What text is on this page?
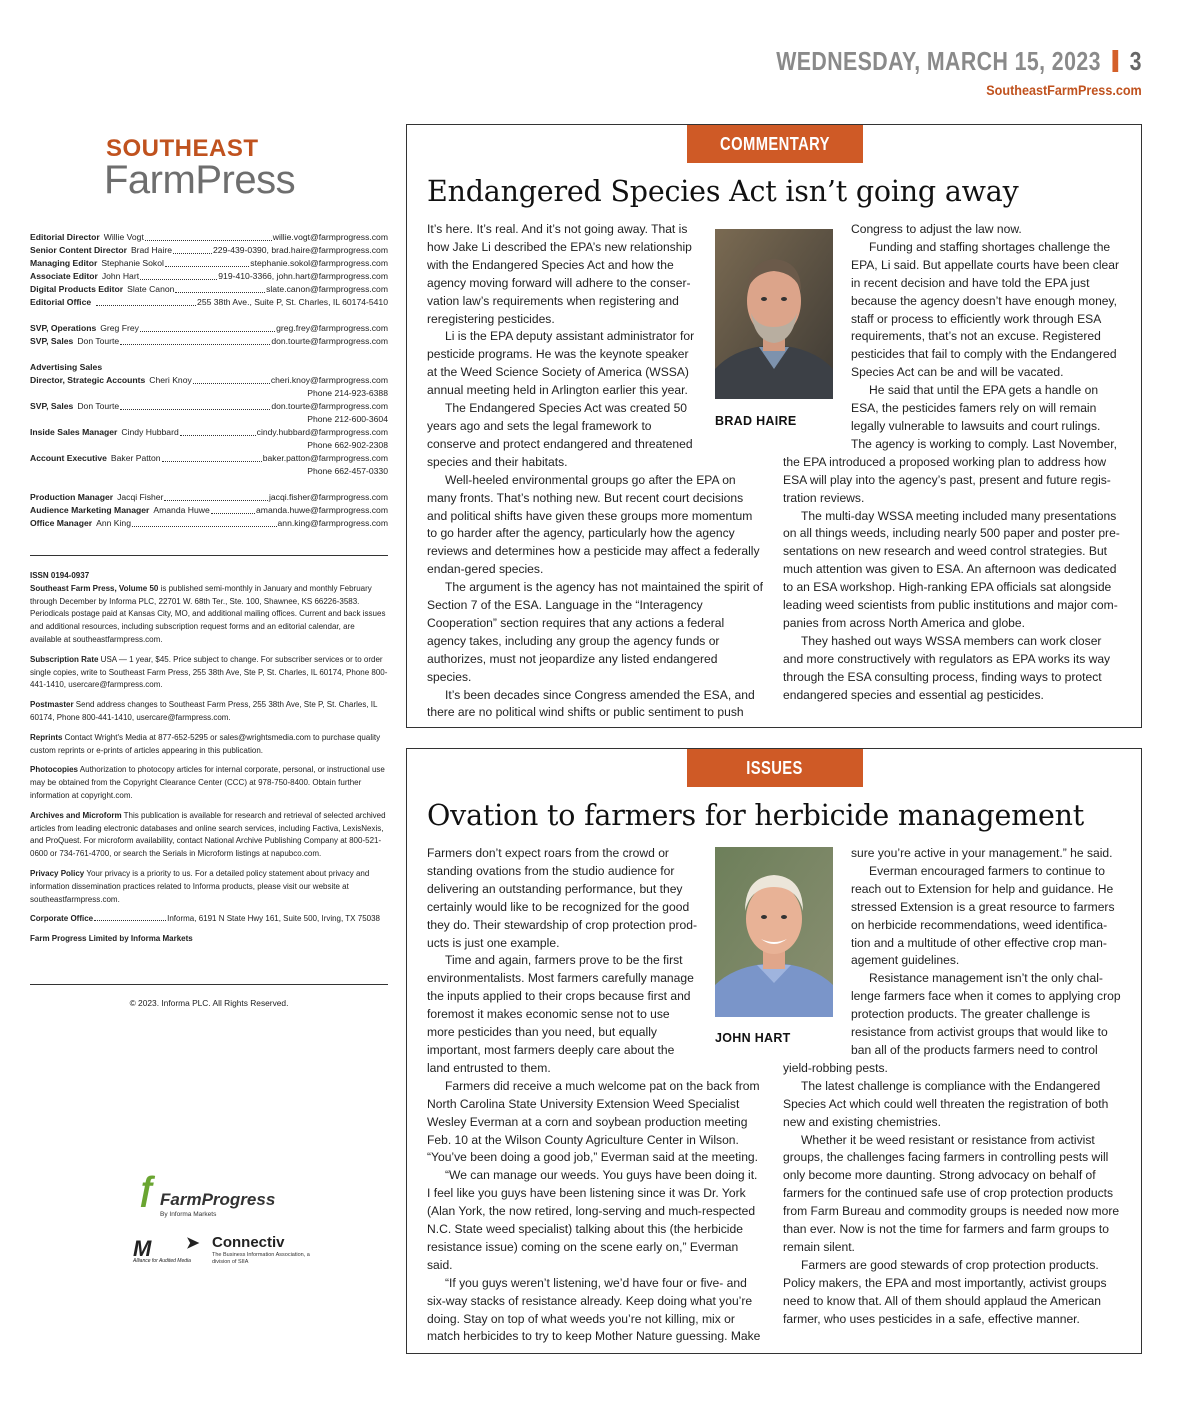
WEDNESDAY, MARCH 15, 2023 3
SoutheastFarmPress.com
SOUTHEAST
FarmPress
Editorial Director Willie Vogt	willie.vogt@farmprogress.com
Senior Content Director Brad Haire	229-439-0390, brad.haire@farmprogress.com
Managing Editor Stephanie Sokol	stephanie.sokol@farmprogress.com
Associate Editor John Hart	919-410-3366, john.hart@farmprogress.com
Digital Products Editor Slate Canon	slate.canon@farmprogress.com
Editorial Office	255 38th Ave., Suite P, St. Charles, IL 60174-5410
SVP, Operations Greg Frey	greg.frey@farmprogress.com
SVP, Sales Don Tourte	don.tourte@farmprogress.com
Advertising Sales
Director, Strategic Accounts Cheri Knoy	cheri.knoy@farmprogress.com
Phone 214-923-6388
SVP, Sales Don Tourte	don.tourte@farmprogress.com
Phone 212-600-3604
Inside Sales Manager Cindy Hubbard	cindy.hubbard@farmprogress.com
Phone 662-902-2308
Account Executive Baker Patton	baker.patton@farmprogress.com
Phone 662-457-0330
Production Manager Jacqi Fisher	jacqi.fisher@farmprogress.com
Audience Marketing Manager Amanda Huwe	amanda.huwe@farmprogress.com
Office Manager Ann King	ann.king@farmprogress.com

ISSN 0194-0937

Southeast Farm Press, Volume 50 is published semi-monthly in January and monthly February through December by Informa PLC, 22701 W. 68th Ter., Ste. 100, Shawnee, KS 66226-3583. Periodicals postage paid at Kansas City, MO, and additional mailing offices. Current and back issues and additional resources, including subscription request forms and an editorial calendar, are available at southeastfarmpress.com.

Subscription Rate USA — 1 year, $45. Price subject to change. For subscriber services or to order single copies, write to Southeast Farm Press, 255 38th Ave, Ste P, St. Charles, IL 60174, Phone 800-441-1410, usercare@farmpress.com.

Postmaster Send address changes to Southeast Farm Press, 255 38th Ave, Ste P, St. Charles, IL 60174, Phone 800-441-1410, usercare@farmpress.com.

Reprints Contact Wright's Media at 877-652-5295 or sales@wrightsmedia.com to purchase quality custom reprints or e-prints of articles appearing in this publication.

Photocopies Authorization to photocopy articles for internal corporate, personal, or instructional use may be obtained from the Copyright Clearance Center (CCC) at 978-750-8400. Obtain further information at copyright.com.

Archives and Microform This publication is available for research and retrieval of selected archived articles from leading electronic databases and online search services, including Factiva, LexisNexis, and ProQuest. For microform availability, contact National Archive Publishing Company at 800-521-0600 or 734-761-4700, or search the Serials in Microform listings at napubco.com.

Privacy Policy Your privacy is a priority to us. For a detailed policy statement about privacy and information dissemination practices related to Informa products, please visit our website at southeastfarmpress.com.

Corporate Office	Informa, 6191 N State Hwy 161, Suite 500, Irving, TX 75038

Farm Progress Limited by Informa Markets

© 2023. Informa PLC. All Rights Reserved.
ƒ FarmProgress
By Informa Markets
M
Alliance for Audited Media
➤ Connectiv
The Business Information Association, a division of SIIA
COMMENTARY
Endangered Species Act isn’t going away

It’s here. It’s real. And it’s not going away. That is how Jake Li described the EPA’s new relationship with the Endangered Species Act and how the agency moving forward will adhere to the conser-vation law’s requirements when registering and reregistering pesticides.

Li is the EPA deputy assistant administrator for pesticide programs. He was the keynote speaker at the Weed Science Society of America (WSSA) annual meeting held in Arlington earlier this year.

The Endangered Species Act was created 50 years ago and sets the legal framework to conserve and protect endangered and threatened species and their habitats.

Well-heeled environmental groups go after the EPA on many fronts. That’s nothing new. But recent court decisions and political shifts have given these groups more momentum to go harder after the agency, particularly how the agency reviews and determines how a pesticide may affect a federally endan-gered species.

The argument is the agency has not maintained the spirit of Section 7 of the ESA. Language in the “Interagency Cooperation” section requires that any actions a federal agency takes, including any group the agency funds or authorizes, must not jeopardize any listed endangered species.

It’s been decades since Congress amended the ESA, and there are no political wind shifts or public sentiment to push

BRAD HAIRE

Congress to adjust the law now.

Funding and staffing shortages challenge the EPA, Li said. But appellate courts have been clear in recent decision and have told the EPA just because the agency doesn’t have enough money, staff or process to efficiently work through ESA requirements, that’s not an excuse. Registered pesticides that fail to comply with the Endangered Species Act can be and will be vacated.

He said that until the EPA gets a handle on ESA, the pesticides famers rely on will remain legally vulnerable to lawsuits and court rulings. The agency is working to comply. Last November, the EPA introduced a proposed working plan to address how ESA will play into the agency’s past, present and future regis-tration reviews.

The multi-day WSSA meeting included many presentations on all things weeds, including nearly 500 paper and poster pre-sentations on new research and weed control strategies. But much attention was given to ESA. An afternoon was dedicated to an ESA workshop. High-ranking EPA officials sat alongside leading weed scientists from public institutions and major com-panies from across North America and globe.

They hashed out ways WSSA members can work closer and more constructively with regulators as EPA works its way through the ESA consulting process, finding ways to protect endangered species and essential ag pesticides.

ISSUES
Ovation to farmers for herbicide management

Farmers don’t expect roars from the crowd or standing ovations from the studio audience for delivering an outstanding performance, but they certainly would like to be recognized for the good they do. Their stewardship of crop protection prod-ucts is just one example.

Time and again, farmers prove to be the first environmentalists. Most farmers carefully manage the inputs applied to their crops because first and foremost it makes economic sense not to use more pesticides than you need, but equally important, most farmers deeply care about the land entrusted to them.

Farmers did receive a much welcome pat on the back from North Carolina State University Extension Weed Specialist Wesley Everman at a corn and soybean production meeting Feb. 10 at the Wilson County Agriculture Center in Wilson. “You’ve been doing a good job,” Everman said at the meeting.

“We can manage our weeds. You guys have been doing it. I feel like you guys have been listening since it was Dr. York (Alan York, the now retired, long-serving and much-respected N.C. State weed specialist) talking about this (the herbicide resistance issue) coming on the scene early on,” Everman said.

“If you guys weren’t listening, we’d have four or five- and six-way stacks of resistance already. Keep doing what you’re doing. Stay on top of what weeds you’re not killing, mix or match herbicides to try to keep Mother Nature guessing. Make

JOHN HART

sure you’re active in your management.” he said.

Everman encouraged farmers to continue to reach out to Extension for help and guidance. He stressed Extension is a great resource to farmers on herbicide recommendations, weed identifica-tion and a multitude of other effective crop man-agement guidelines.

Resistance management isn’t the only chal-lenge farmers face when it comes to applying crop protection products. The greater challenge is resistance from activist groups that would like to ban all of the products farmers need to control yield-robbing pests.

The latest challenge is compliance with the Endangered Species Act which could well threaten the registration of both new and existing chemistries.

Whether it be weed resistant or resistance from activist groups, the challenges facing farmers in controlling pests will only become more daunting. Strong advocacy on behalf of farmers for the continued safe use of crop protection products from Farm Bureau and commodity groups is needed now more than ever. Now is not the time for farmers and farm groups to remain silent.

Farmers are good stewards of crop protection products. Policy makers, the EPA and most importantly, activist groups need to know that. All of them should applaud the American farmer, who uses pesticides in a safe, effective manner.
